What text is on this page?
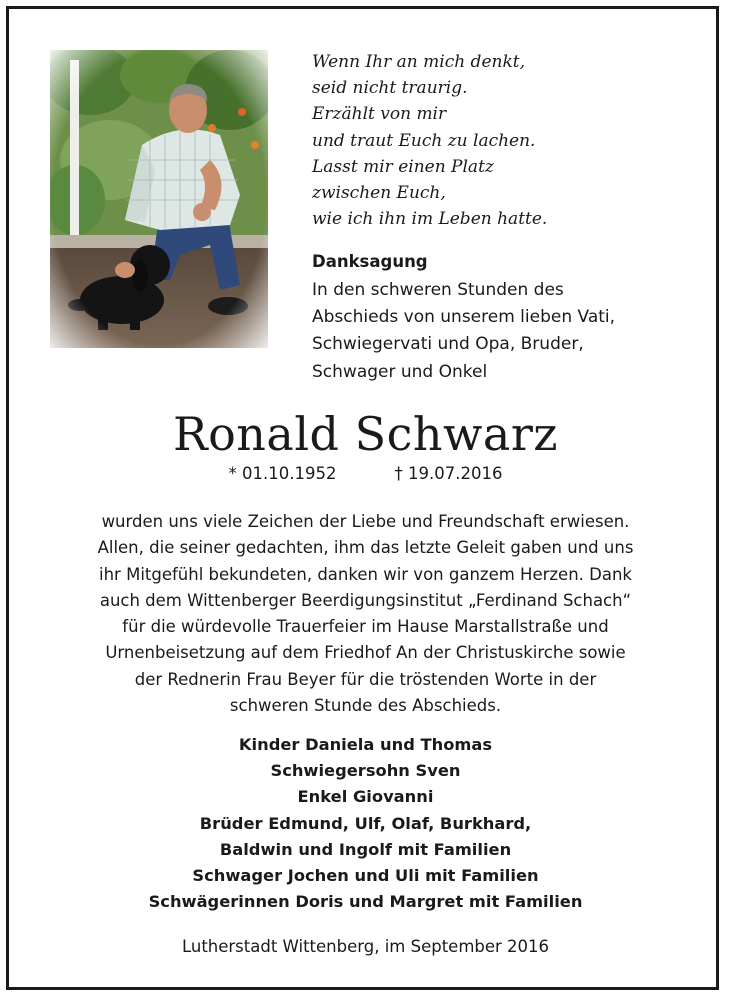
Wenn Ihr an mich denkt,
seid nicht traurig.
Erzählt von mir
und traut Euch zu lachen.
Lasst mir einen Platz
zwischen Euch,
wie ich ihn im Leben hatte.
Danksagung
In den schweren Stunden des
Abschieds von unserem lieben Vati,
Schwiegervati und Opa, Bruder,
Schwager und Onkel
Ronald Schwarz
* 01.10.1952	† 19.07.2016
wurden uns viele Zeichen der Liebe und Freundschaft erwiesen.
Allen, die seiner gedachten, ihm das letzte Geleit gaben und uns
ihr Mitgefühl bekundeten, danken wir von ganzem Herzen. Dank
auch dem Wittenberger Beerdigungsinstitut „Ferdinand Schach“
für die würdevolle Trauerfeier im Hause Marstallstraße und
Urnenbeisetzung auf dem Friedhof An der Christuskirche sowie
der Rednerin Frau Beyer für die tröstenden Worte in der
schweren Stunde des Abschieds.
Kinder Daniela und Thomas
Schwiegersohn Sven
Enkel Giovanni
Brüder Edmund, Ulf, Olaf, Burkhard,
Baldwin und Ingolf mit Familien
Schwager Jochen und Uli mit Familien
Schwägerinnen Doris und Margret mit Familien
Lutherstadt Wittenberg, im September 2016
